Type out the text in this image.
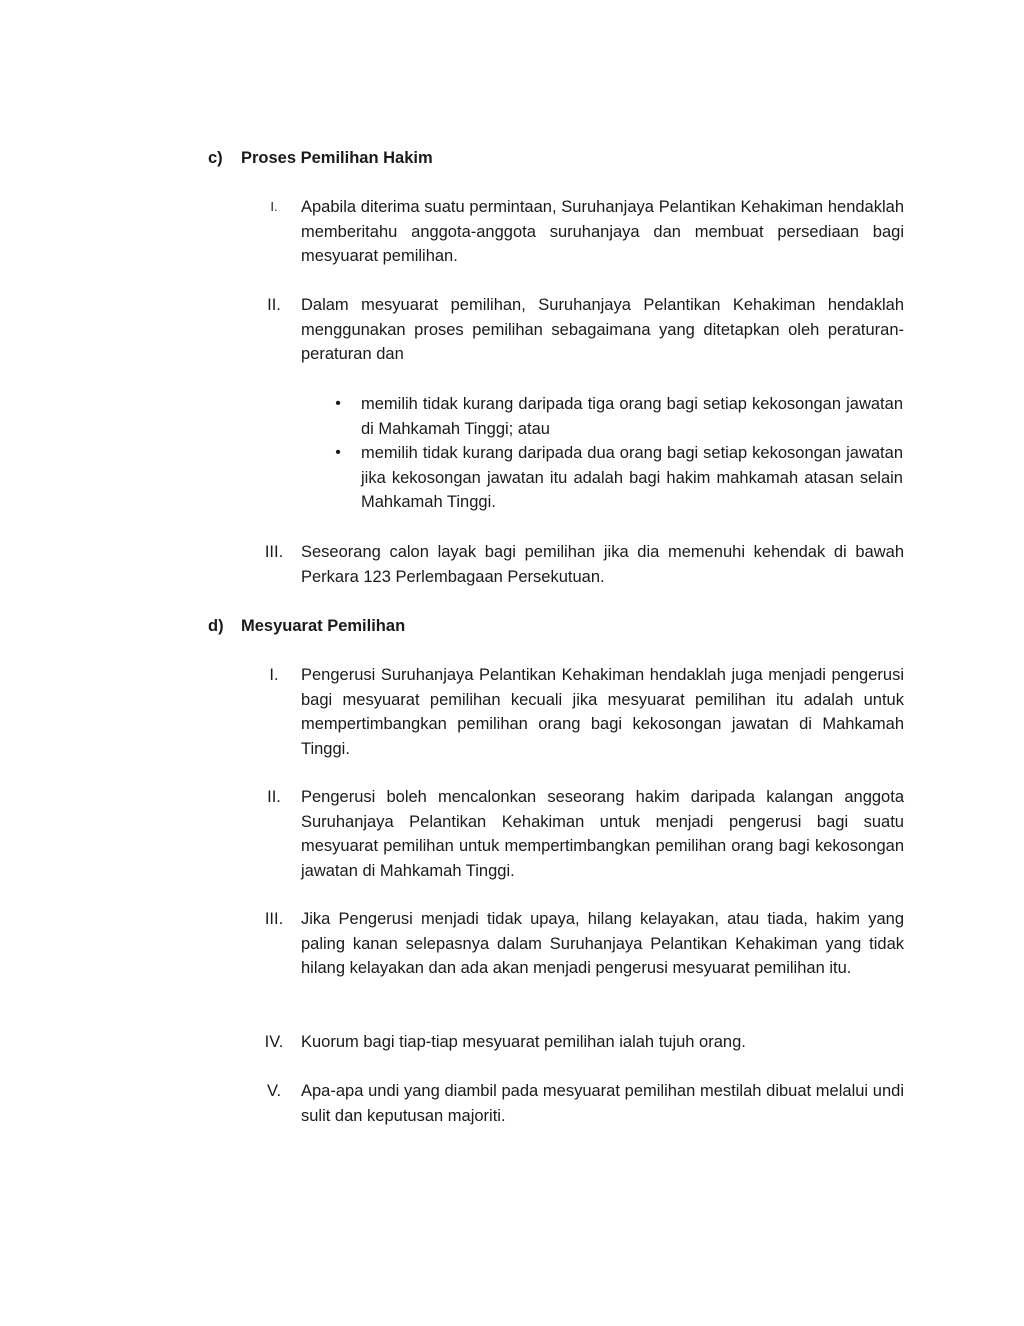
c) Proses Pemilihan Hakim
I.	Apabila diterima suatu permintaan, Suruhanjaya Pelantikan Kehakiman hendaklah memberitahu anggota-anggota suruhanjaya dan membuat persediaan bagi mesyuarat pemilihan.
II.	Dalam mesyuarat pemilihan, Suruhanjaya Pelantikan Kehakiman hendaklah menggunakan proses pemilihan sebagaimana yang ditetapkan oleh peraturan-peraturan dan
•	memilih tidak kurang daripada tiga orang bagi setiap kekosongan jawatan di Mahkamah Tinggi; atau
•	memilih tidak kurang daripada dua orang bagi setiap kekosongan jawatan jika kekosongan jawatan itu adalah bagi hakim mahkamah atasan selain Mahkamah Tinggi.
III.	Seseorang calon layak bagi pemilihan jika dia memenuhi kehendak di bawah Perkara 123 Perlembagaan Persekutuan.
d) Mesyuarat Pemilihan
I.	Pengerusi Suruhanjaya Pelantikan Kehakiman hendaklah juga menjadi pengerusi bagi mesyuarat pemilihan kecuali jika mesyuarat pemilihan itu adalah untuk mempertimbangkan pemilihan orang bagi kekosongan jawatan di Mahkamah Tinggi.
II.	Pengerusi boleh mencalonkan seseorang hakim daripada kalangan anggota Suruhanjaya Pelantikan Kehakiman untuk menjadi pengerusi bagi suatu mesyuarat pemilihan untuk mempertimbangkan pemilihan orang bagi kekosongan jawatan di Mahkamah Tinggi.
III.	Jika Pengerusi menjadi tidak upaya, hilang kelayakan, atau tiada, hakim yang paling kanan selepasnya dalam Suruhanjaya Pelantikan Kehakiman yang tidak hilang kelayakan dan ada akan menjadi pengerusi mesyuarat pemilihan itu.
IV.	Kuorum bagi tiap-tiap mesyuarat pemilihan ialah tujuh orang.
V.	Apa-apa undi yang diambil pada mesyuarat pemilihan mestilah dibuat melalui undi sulit dan keputusan majoriti.
